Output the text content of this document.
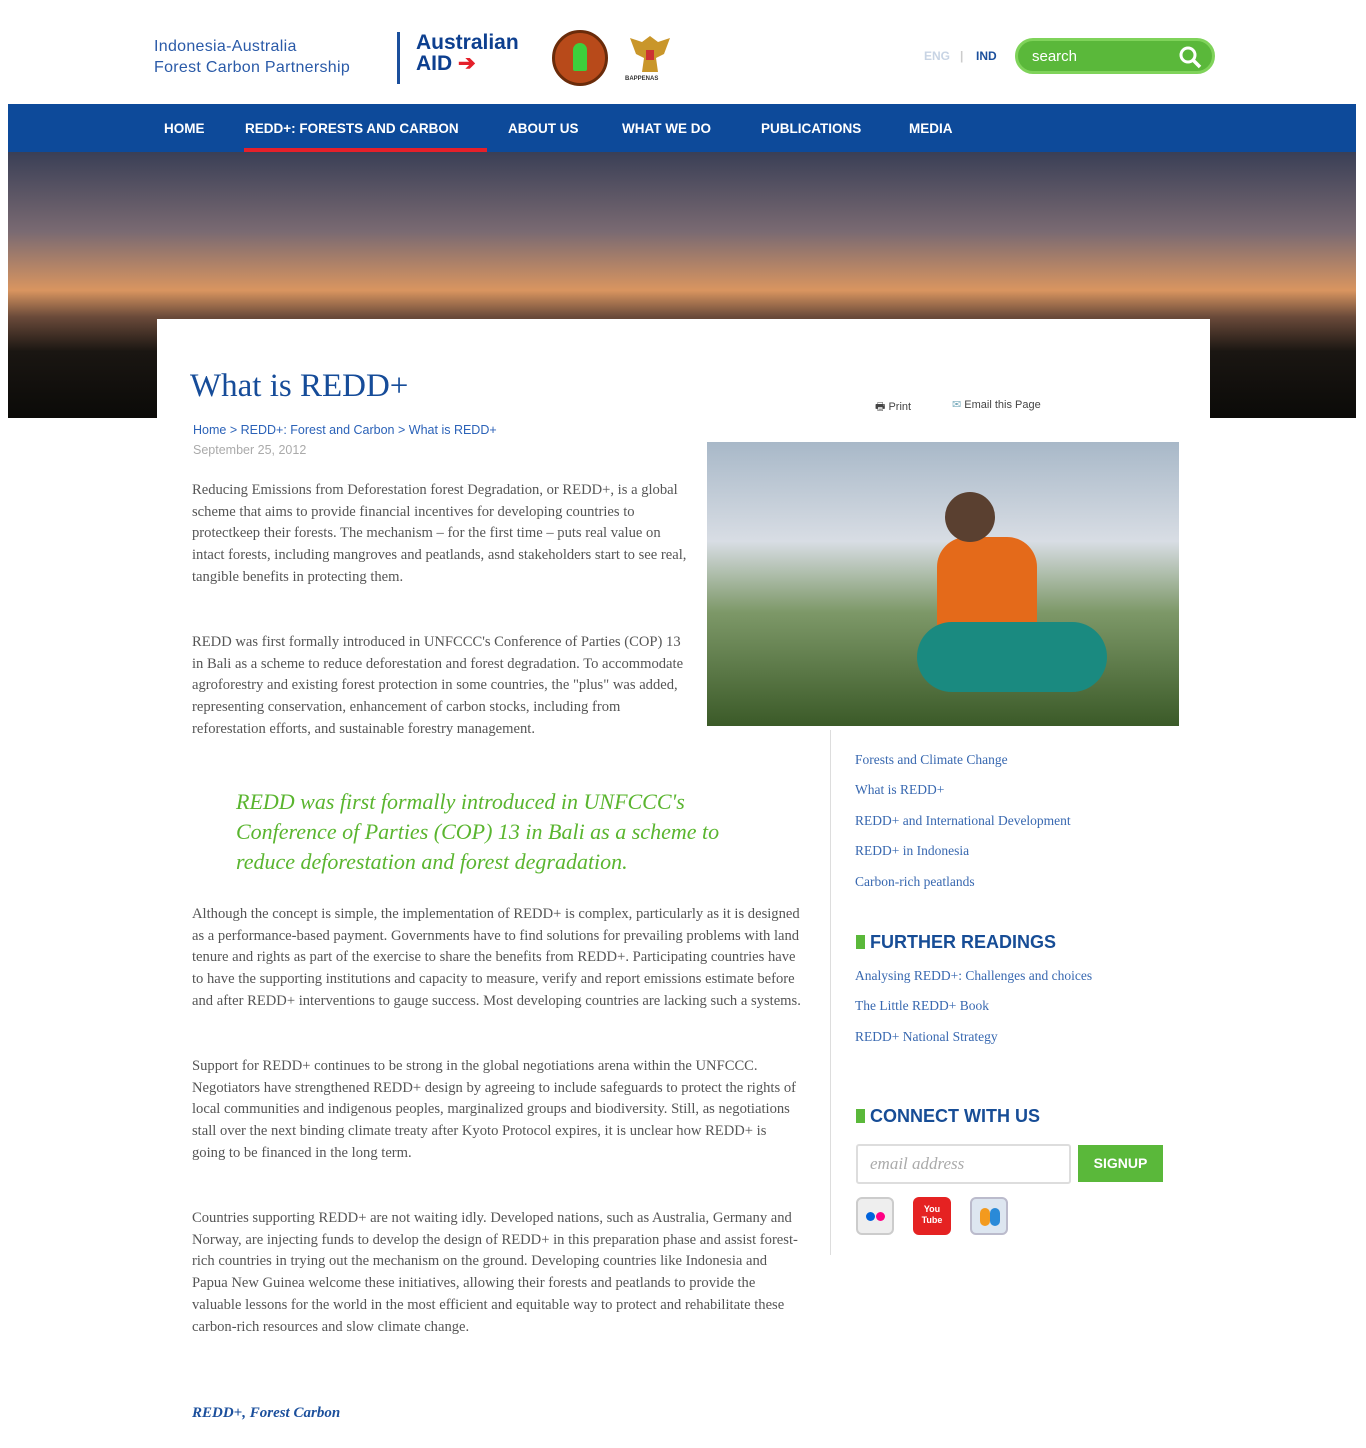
Indonesia-Australia
Forest Carbon Partnership
Australian
AID ➔
BAPPENAS
ENG | IND search
HOME	REDD+: FORESTS AND CARBON	ABOUT US	WHAT WE DO	PUBLICATIONS	MEDIA
What is REDD+
Home > REDD+: Forest and Carbon > What is REDD+
September 25, 2012
🖶 Print	✉ Email this Page
Reducing Emissions from Deforestation forest Degradation, or REDD+, is a global scheme that aims to provide financial incentives for developing countries to protectkeep their forests. The mechanism – for the first time – puts real value on intact forests, including mangroves and peatlands, asnd stakeholders start to see real, tangible benefits in protecting them.
REDD was first formally introduced in UNFCCC's Conference of Parties (COP) 13 in Bali as a scheme to reduce deforestation and forest degradation. To accommodate agroforestry and existing forest protection in some countries, the "plus" was added, representing conservation, enhancement of carbon stocks, including from reforestation efforts, and sustainable forestry management.
REDD was first formally introduced in UNFCCC's Conference of Parties (COP) 13 in Bali as a scheme to reduce deforestation and forest degradation.
Although the concept is simple, the implementation of REDD+ is complex, particularly as it is designed as a performance-based payment. Governments have to find solutions for prevailing problems with land tenure and rights as part of the exercise to share the benefits from REDD+. Participating countries have to have the supporting institutions and capacity to measure, verify and report emissions estimate before and after REDD+ interventions to gauge success. Most developing countries are lacking such a systems.
Support for REDD+ continues to be strong in the global negotiations arena within the UNFCCC. Negotiators have strengthened REDD+ design by agreeing to include safeguards to protect the rights of local communities and indigenous peoples, marginalized groups and biodiversity. Still, as negotiations stall over the next binding climate treaty after Kyoto Protocol expires, it is unclear how REDD+ is going to be financed in the long term.
Countries supporting REDD+ are not waiting idly. Developed nations, such as Australia, Germany and Norway, are injecting funds to develop the design of REDD+ in this preparation phase and assist forest-rich countries in trying out the mechanism on the ground. Developing countries like Indonesia and Papua New Guinea welcome these initiatives, allowing their forests and peatlands to provide the valuable lessons for the world in the most efficient and equitable way to protect and rehabilitate these carbon-rich resources and slow climate change.
REDD+, Forest Carbon
Forests and Climate Change
What is REDD+
REDD+ and International Development
REDD+ in Indonesia
Carbon-rich peatlands
FURTHER READINGS
Analysing REDD+: Challenges and choices
The Little REDD+ Book
REDD+ National Strategy
CONNECT WITH US
email address	SIGNUP
You Tube
